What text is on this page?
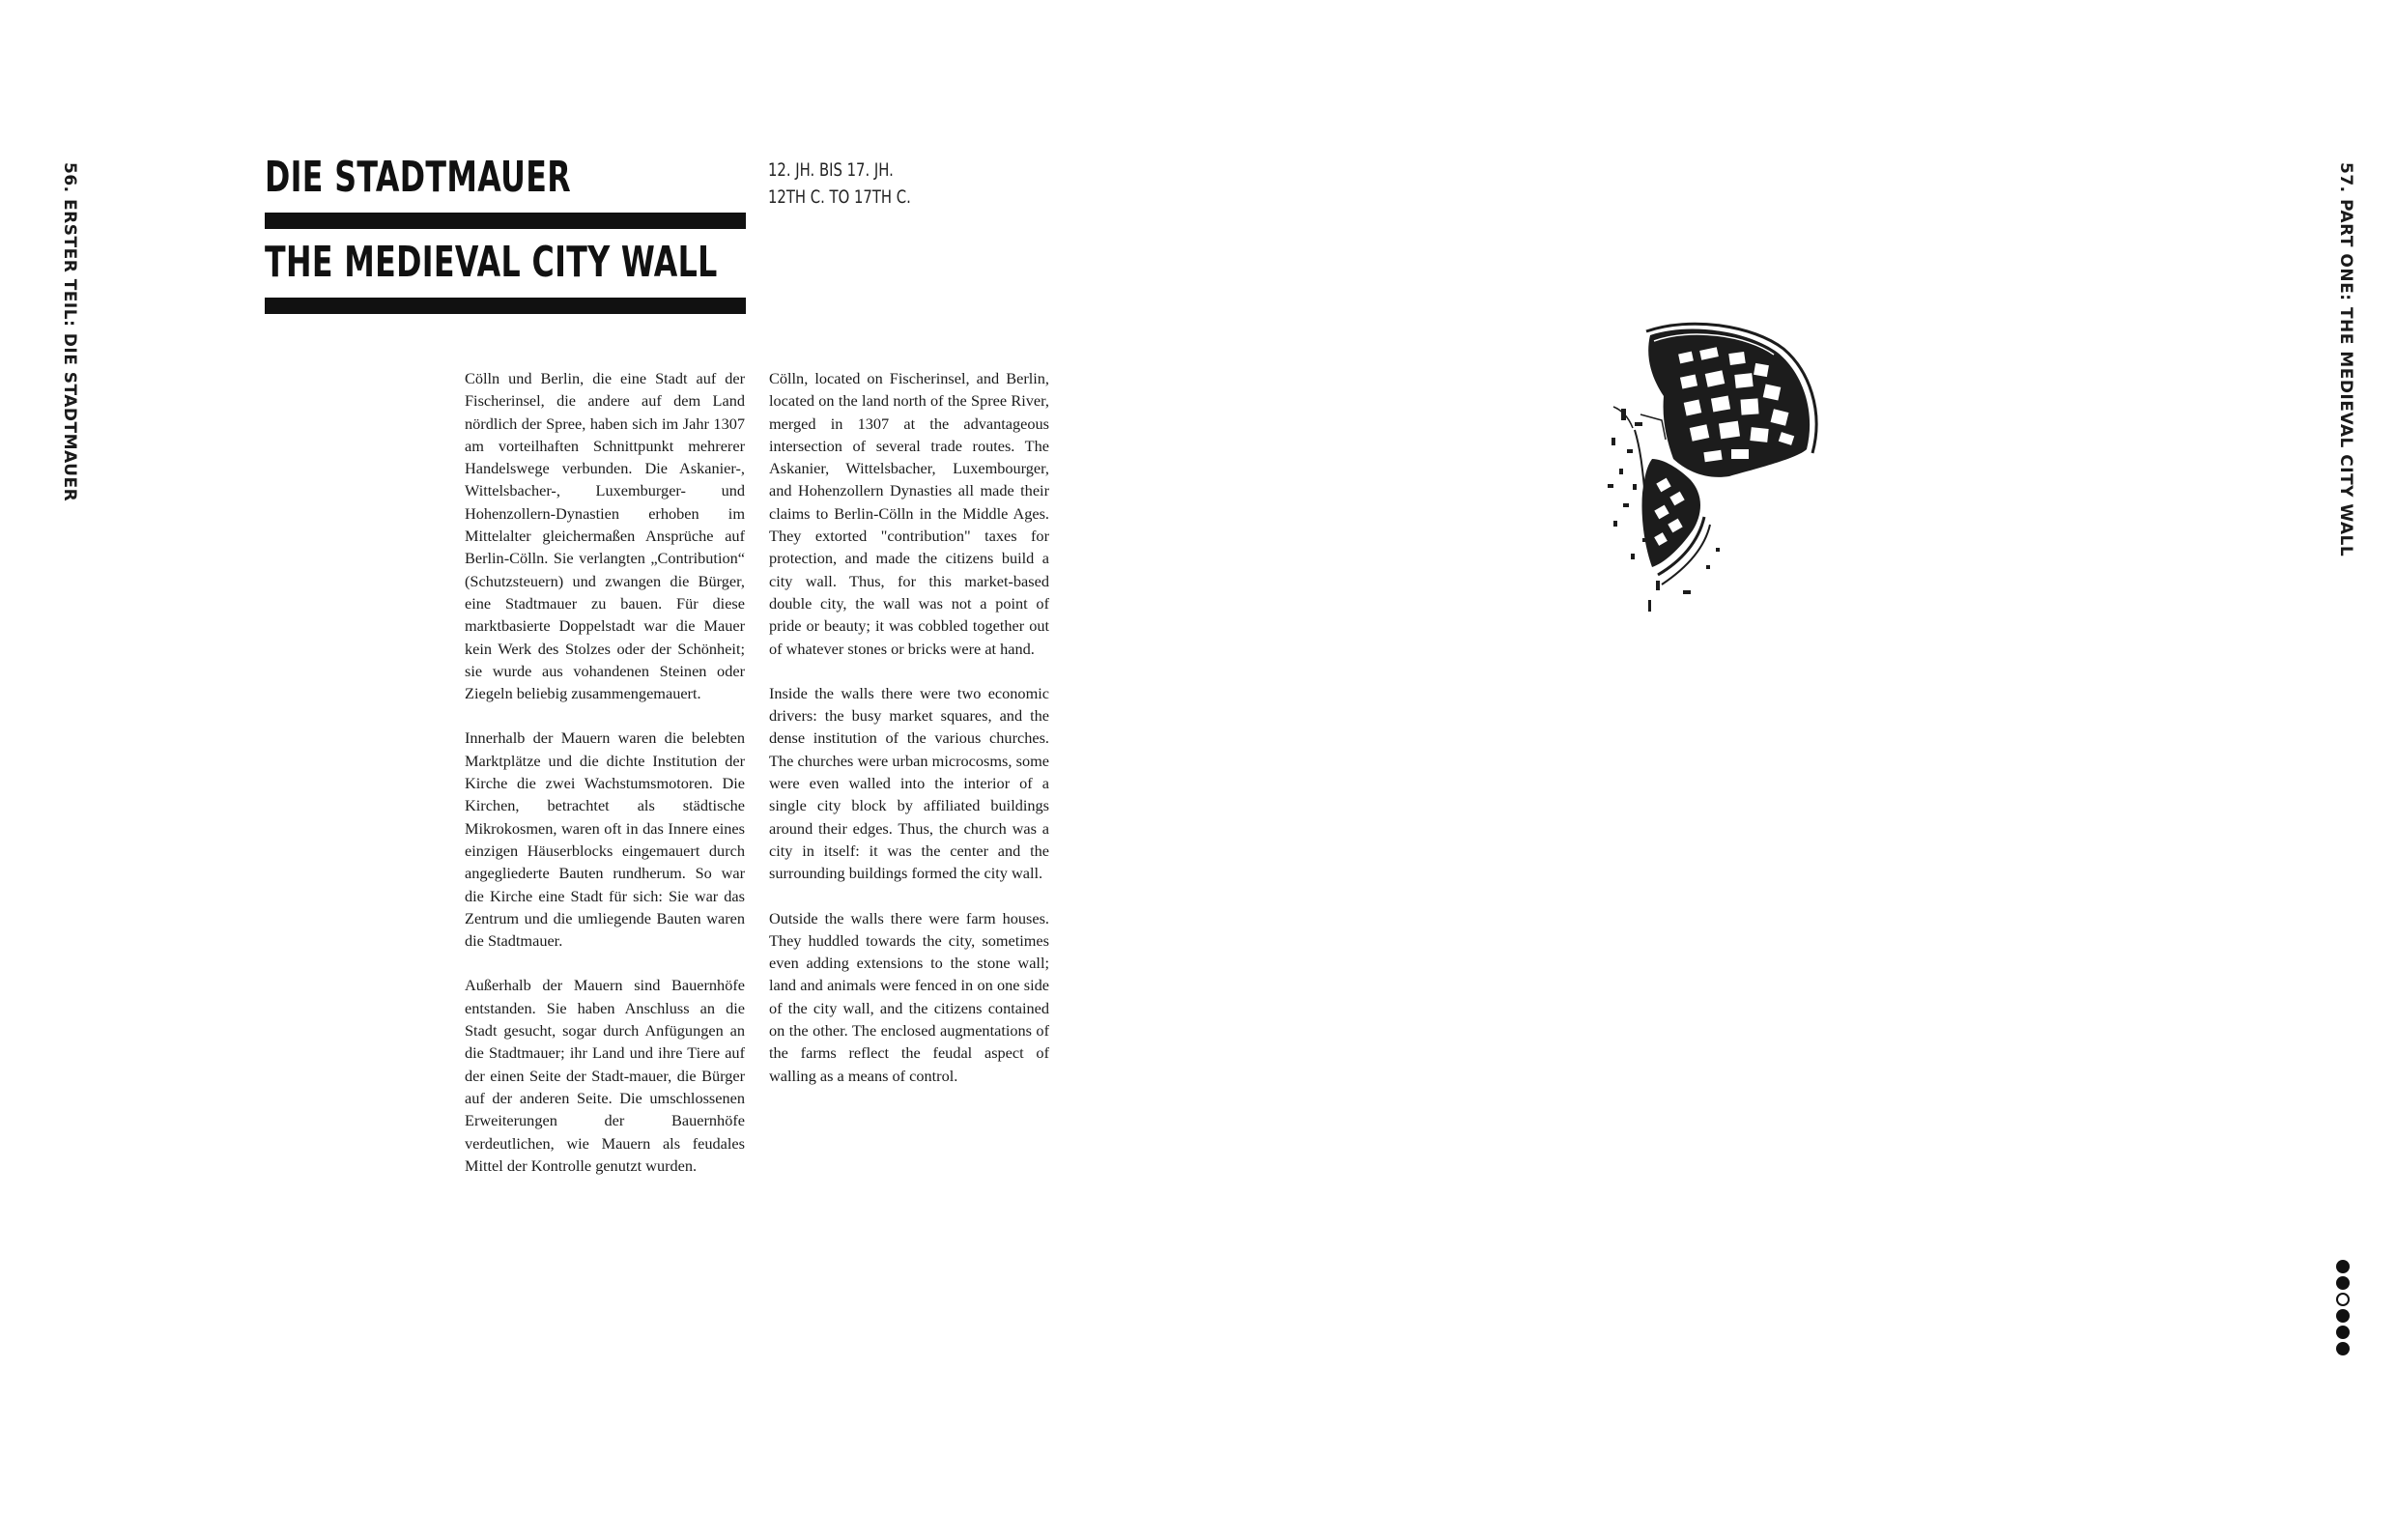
56. ERSTER TEIL: DIE STADTMAUER	57. PART ONE: THE MEDIEVAL CITY WALL
DIE STADTMAUER
THE MEDIEVAL CITY WALL
12. JH. BIS 17. JH.
12TH C. TO 17TH C.

Cölln und Berlin, die eine Stadt auf der Fischerinsel, die andere auf dem Land nördlich der Spree, haben sich im Jahr 1307 am vorteilhaften Schnittpunkt mehrerer Handelswege verbunden. Die Askanier-, Wittelsbacher-, Luxemburger- und Hohenzollern-Dynastien erhoben im Mittelalter gleichermaßen Ansprüche auf Berlin-Cölln. Sie verlangten „Contribution“ (Schutzsteuern) und zwangen die Bürger, eine Stadtmauer zu bauen. Für diese marktbasierte Doppelstadt war die Mauer kein Werk des Stolzes oder der Schönheit; sie wurde aus vohandenen Steinen oder Ziegeln beliebig zusammengemauert.

Innerhalb der Mauern waren die belebten Marktplätze und die dichte Institution der Kirche die zwei Wachstumsmotoren. Die Kirchen, betrachtet als städtische Mikrokosmen, waren oft in das Innere eines einzigen Häuserblocks eingemauert durch angegliederte Bauten rundherum. So war die Kirche eine Stadt für sich: Sie war das Zentrum und die umliegende Bauten waren die Stadtmauer.

Außerhalb der Mauern sind Bauernhöfe entstanden. Sie haben Anschluss an die Stadt gesucht, sogar durch Anfügungen an die Stadtmauer; ihr Land und ihre Tiere auf der einen Seite der Stadt-mauer, die Bürger auf der anderen Seite. Die umschlossenen Erweiterungen der Bauernhöfe verdeutlichen, wie Mauern als feudales Mittel der Kontrolle genutzt wurden.

Cölln, located on Fischerinsel, and Berlin, located on the land north of the Spree River, merged in 1307 at the advantageous intersection of several trade routes. The Askanier, Wittelsbacher, Luxembourger, and Hohenzollern Dynasties all made their claims to Berlin-Cölln in the Middle Ages. They extorted "contribution" taxes for protection, and made the citizens build a city wall. Thus, for this market-based double city, the wall was not a point of pride or beauty; it was cobbled together out of whatever stones or bricks were at hand.

Inside the walls there were two economic drivers: the busy market squares, and the dense institution of the various churches. The churches were urban microcosms, some were even walled into the interior of a single city block by affiliated buildings around their edges. Thus, the church was a city in itself: it was the center and the surrounding buildings formed the city wall.

Outside the walls there were farm houses. They huddled towards the city, sometimes even adding extensions to the stone wall; land and animals were fenced in on one side of the city wall, and the citizens contained on the other. The enclosed augmentations of the farms reflect the feudal aspect of walling as a means of control.
